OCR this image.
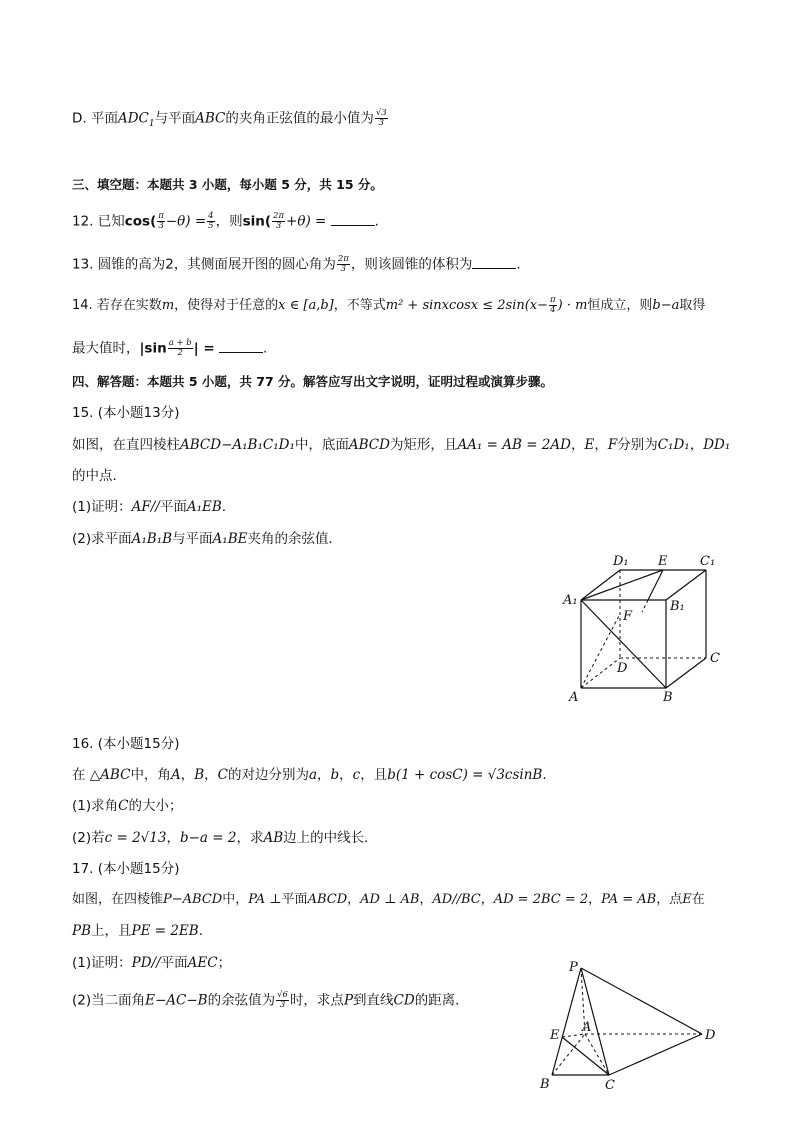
D. 平面$ADC_1$与平面ABC的夹角正弦值的最小值为 $\frac{√3}{3}$
三、填空题：本题共 3 小题，每小题 5 分，共 15 分。
12. 已知$\cos( \frac{\pi}{3} -\theta) = \frac{4}{5}$ ，则$\sin( \frac{2\pi}{3} +\theta)$ =	.
13. 圆锥的高为2，其侧面展开图的圆心角为 $\frac{2\pi}{3}$ ，则该圆锥的体积为	.
14. 若存在实数m，使得对于任意的x ∈ [a,b]，不等式m² + sinxcosx ≤ $2\sin(x- \frac{\pi}{4}$ ) · m恒成立，则b−a取得
最大值时，$|\sin \frac{a + b}{2}$ | =	.
四、解答题：本题共 5 小题，共 77 分。解答应写出文字说明，证明过程或演算步骤。
15. (本小题13分)
如图，在直四棱柱ABCD−A₁B₁C₁D₁中，底面ABCD为矩形，且AA₁ = AB = 2AD，E，F分别为C₁D₁，DD₁
的中点．
(1)证明：AF//平面A₁EB.
(2)求平面A₁B₁B与平面A₁BE夹角的余弦值．
D₁ E	C₁
A₁	B₁
F
D
C
A	B
16. (本小题15分)
在 △ABC中，角A，B，C的对边分别为a，b，c，且b(1 + cosC) = √3csinB.
(1)求角C的大小；
(2)若c = 2√13，b−a = 2，求AB边上的中线长．
17. (本小题15分)
如图，在四棱锥P−ABCD中，PA ⊥平面ABCD，AD ⊥ AB，AD//BC，AD = 2BC = 2，PA = AB，点E在
PB上，且PE = 2EB.
(1)证明：PD//平面AEC；
(2)当二面角E−AC−B的余弦值为 $\frac{√6}{3}$ 时，求点P到直线CD的距离．
P
A
E	D
B	C
